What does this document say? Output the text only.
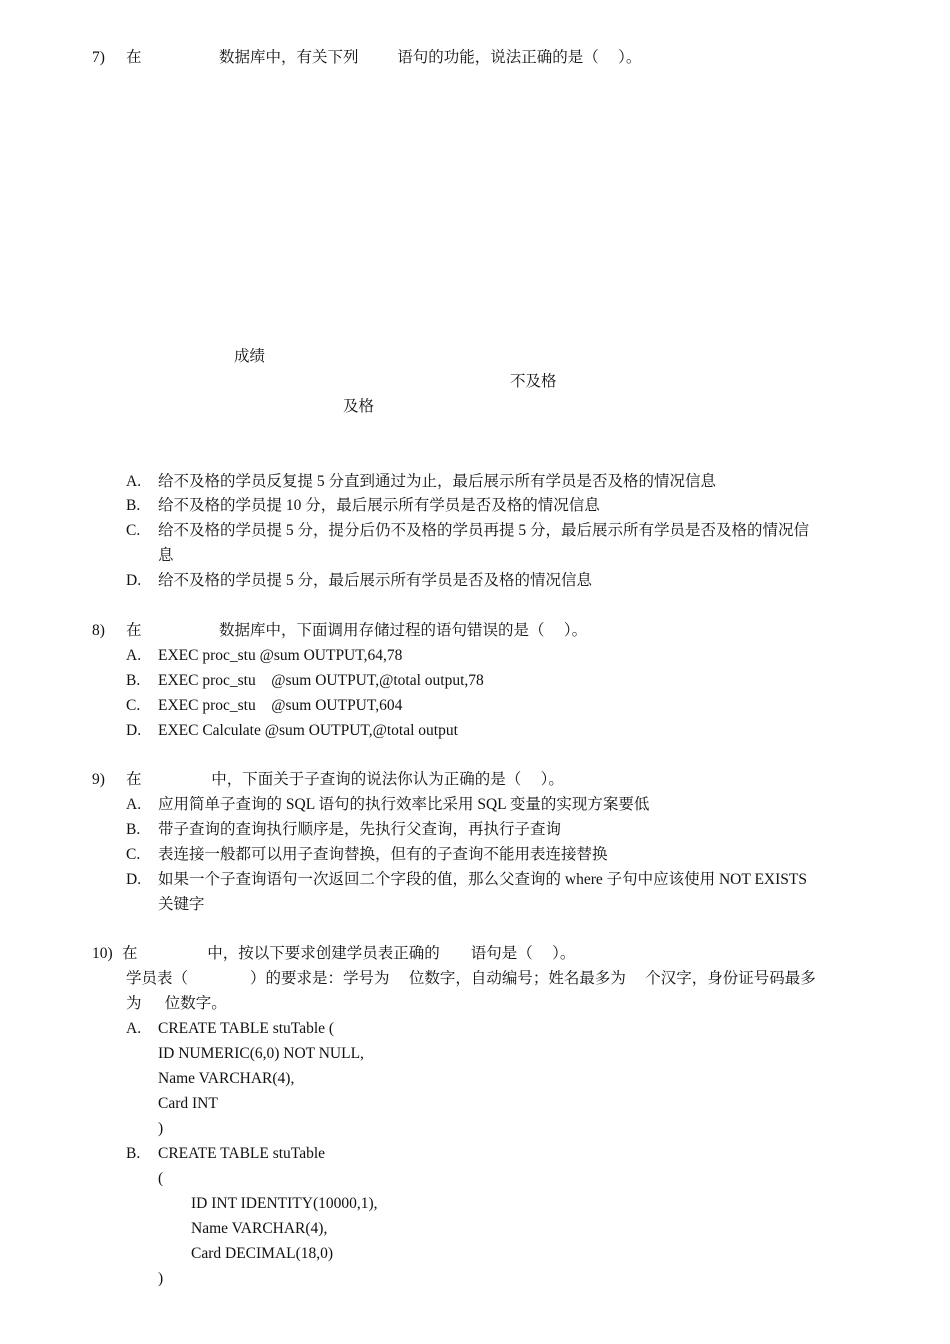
7) 在                    数据库中，有关下列          语句的功能，说法正确的是（     ）。
成绩
不及格
及格
A. 给不及格的学员反复提 5 分直到通过为止，最后展示所有学员是否及格的情况信息
B. 给不及格的学员提 10 分，最后展示所有学员是否及格的情况信息
C. 给不及格的学员提 5 分，提分后仍不及格的学员再提 5 分，最后展示所有学员是否及格的情况信
息
D. 给不及格的学员提 5 分，最后展示所有学员是否及格的情况信息
8) 在                    数据库中，下面调用存储过程的语句错误的是（     ）。
A. EXEC proc_stu @sum OUTPUT,64,78
B. EXEC proc_stu    @sum OUTPUT,@total output,78
C. EXEC proc_stu    @sum OUTPUT,604
D. EXEC Calculate @sum OUTPUT,@total output
9) 在                  中，下面关于子查询的说法你认为正确的是（     ）。
A. 应用简单子查询的 SQL 语句的执行效率比采用 SQL 变量的实现方案要低
B. 带子查询的查询执行顺序是，先执行父查询，再执行子查询
C. 表连接一般都可以用子查询替换，但有的子查询不能用表连接替换
D. 如果一个子查询语句一次返回二个字段的值，那么父查询的 where 子句中应该使用 NOT EXISTS
关键字
10) 在                  中，按以下要求创建学员表正确的        语句是（     ）。
学员表（                ）的要求是：学号为     位数字，自动编号；姓名最多为     个汉字，身份证号码最多
为      位数字。
A. CREATE TABLE stuTable (
ID NUMERIC(6,0) NOT NULL,
Name VARCHAR(4),
Card INT
)
B. CREATE TABLE stuTable
(
ID INT IDENTITY(10000,1),
Name VARCHAR(4),
Card DECIMAL(18,0)
)
